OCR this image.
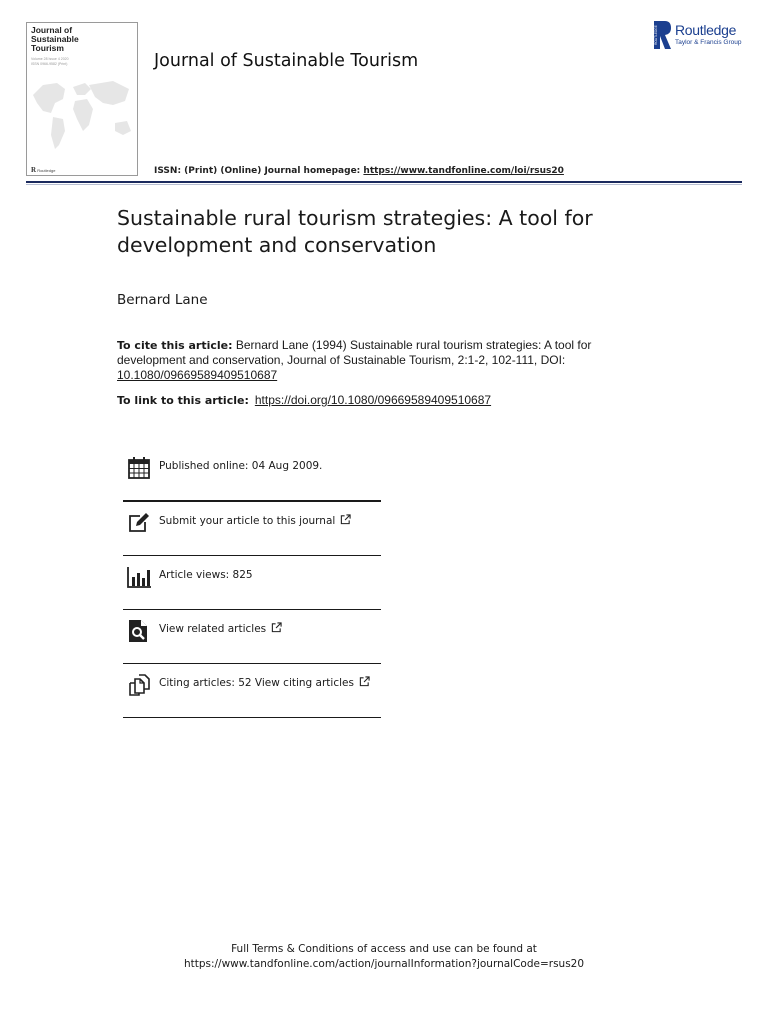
Journal of
Sustainable
Tourism
Volume 28 Issue 4 2020
ISSN 0966-9582 (Print)
R Routledge
Journal of Sustainable Tourism
ISSN: (Print) (Online) Journal homepage: https://www.tandfonline.com/loi/rsus20
ROUTLEDGE Routledge
Taylor & Francis Group
Sustainable rural tourism strategies: A tool for development and conservation
Bernard Lane
To cite this article: Bernard Lane (1994) Sustainable rural tourism strategies: A tool for development and conservation, Journal of Sustainable Tourism, 2:1-2, 102-111, DOI: 10.1080/09669589409510687
To link to this article: https://doi.org/10.1080/09669589409510687
Published online: 04 Aug 2009.
Submit your article to this journal
Article views: 825
View related articles
Citing articles: 52 View citing articles
Full Terms & Conditions of access and use can be found at
https://www.tandfonline.com/action/journalInformation?journalCode=rsus20
